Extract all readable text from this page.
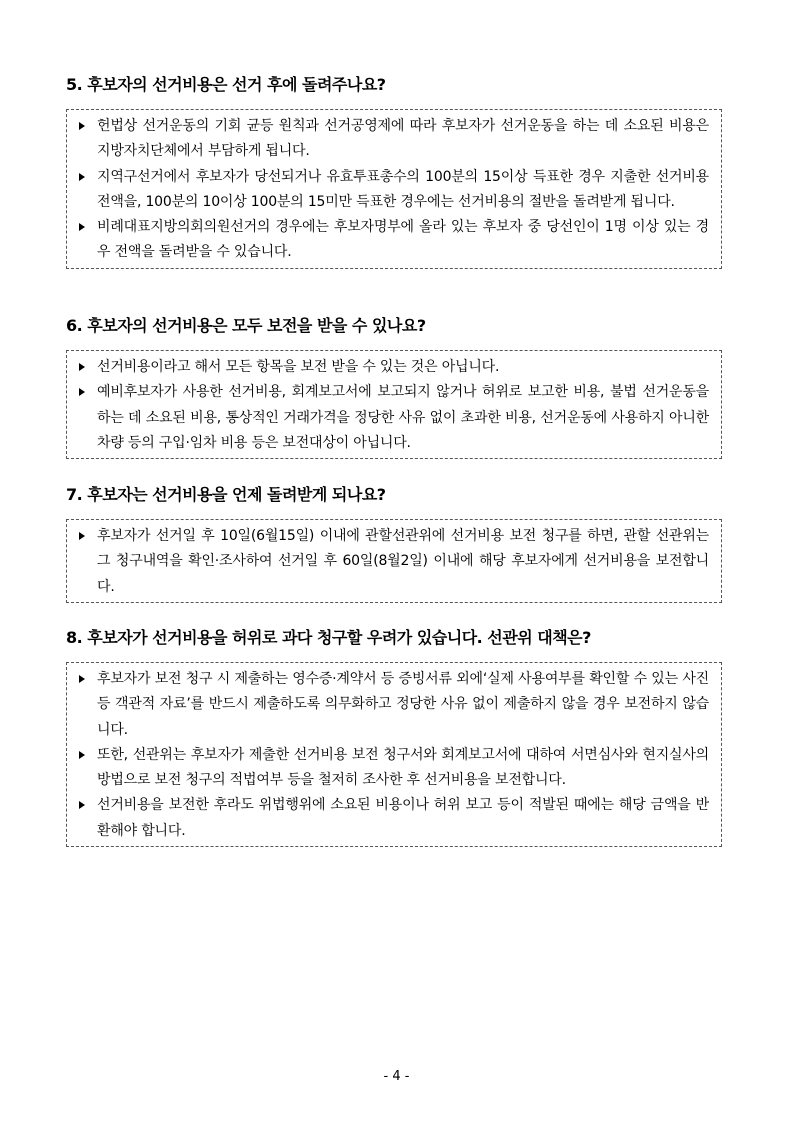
5. 후보자의 선거비용은 선거 후에 돌려주나요?
헌법상 선거운동의 기회 균등 원칙과 선거공영제에 따라 후보자가 선거운동을 하는 데 소요된 비용은 지방자치단체에서 부담하게 됩니다.
지역구선거에서 후보자가 당선되거나 유효투표총수의 100분의 15이상 득표한 경우 지출한 선거비용 전액을, 100분의 10이상 100분의 15미만 득표한 경우에는 선거비용의 절반을 돌려받게 됩니다.
비례대표지방의회의원선거의 경우에는 후보자명부에 올라 있는 후보자 중 당선인이 1명 이상 있는 경우 전액을 돌려받을 수 있습니다.
6. 후보자의 선거비용은 모두 보전을 받을 수 있나요?
선거비용이라고 해서 모든 항목을 보전 받을 수 있는 것은 아닙니다.
예비후보자가 사용한 선거비용, 회계보고서에 보고되지 않거나 허위로 보고한 비용, 불법 선거운동을 하는 데 소요된 비용, 통상적인 거래가격을 정당한 사유 없이 초과한 비용, 선거운동에 사용하지 아니한 차량 등의 구입·임차 비용 등은 보전대상이 아닙니다.
7. 후보자는 선거비용을 언제 돌려받게 되나요?
후보자가 선거일 후 10일(6월15일) 이내에 관할선관위에 선거비용 보전 청구를 하면, 관할 선관위는 그 청구내역을 확인·조사하여 선거일 후 60일(8월2일) 이내에 해당 후보자에게 선거비용을 보전합니다.
8. 후보자가 선거비용을 허위로 과다 청구할 우려가 있습니다. 선관위 대책은?
후보자가 보전 청구 시 제출하는 영수증·계약서 등 증빙서류 외에‘실제 사용여부를 확인할 수 있는 사진 등 객관적 자료’를 반드시 제출하도록 의무화하고 정당한 사유 없이 제출하지 않을 경우 보전하지 않습니다.
또한, 선관위는 후보자가 제출한 선거비용 보전 청구서와 회계보고서에 대하여 서면심사와 현지실사의 방법으로 보전 청구의 적법여부 등을 철저히 조사한 후 선거비용을 보전합니다.
선거비용을 보전한 후라도 위법행위에 소요된 비용이나 허위 보고 등이 적발된 때에는 해당 금액을 반환해야 합니다.
- 4 -
